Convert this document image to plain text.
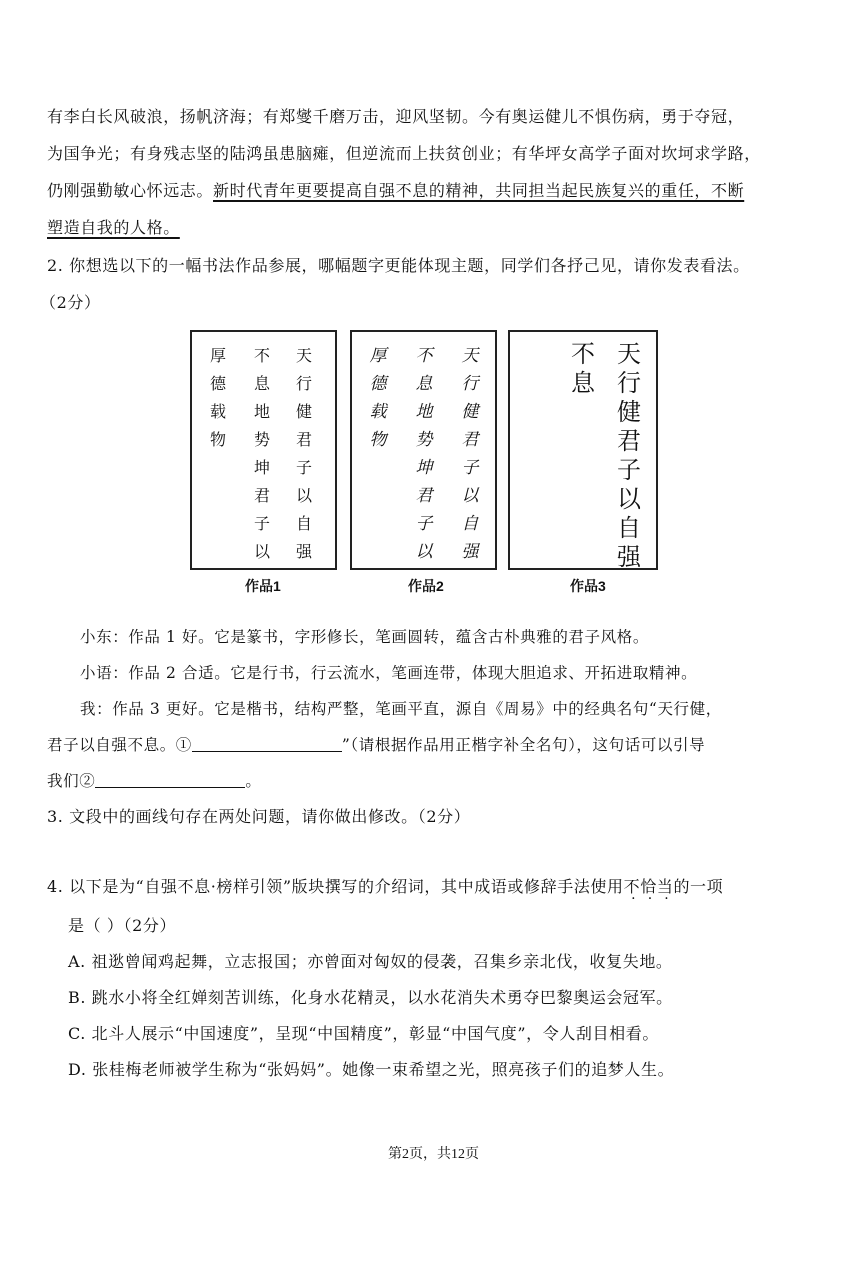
有李白长风破浪，扬帆济海；有郑燮千磨万击，迎风坚韧。今有奥运健儿不惧伤病，勇于夺冠，
为国争光；有身残志坚的陆鸿虽患脑瘫，但逆流而上扶贫创业；有华坪女高学子面对坎坷求学路，
仍刚强勤敏心怀远志。新时代青年更要提高自强不息的精神，共同担当起民族复兴的重任，不断
塑造自我的人格。
2. 你想选以下的一幅书法作品参展，哪幅题字更能体现主题，同学们各抒己见，请你发表看法。
（2分）
天行健君子以自强
不息地势坤君子以
厚德载物
作品1
天行健君子以自强
不息地势坤君子以
厚德载物
作品2
天行健君子以自强
不息
作品3
小东：作品 1 好。它是篆书，字形修长，笔画圆转，蕴含古朴典雅的君子风格。
小语：作品 2 合适。它是行书，行云流水，笔画连带，体现大胆追求、开拓进取精神。
我：作品 3 更好。它是楷书，结构严整，笔画平直，源自《周易》中的经典名句“天行健，
君子以自强不息。①	”（请根据作品用正楷字补全名句），这句话可以引导
我们②	。
3. 文段中的画线句存在两处问题，请你做出修改。（2分）
4. 以下是为“自强不息·榜样引领”版块撰写的介绍词，其中成语或修辞手法使用不恰当的一项
是（ ）（2分）
A. 祖逖曾闻鸡起舞，立志报国；亦曾面对匈奴的侵袭，召集乡亲北伐，收复失地。
B. 跳水小将全红婵刻苦训练，化身水花精灵，以水花消失术勇夺巴黎奥运会冠军。
C. 北斗人展示“中国速度”，呈现“中国精度”，彰显“中国气度”，令人刮目相看。
D. 张桂梅老师被学生称为“张妈妈”。她像一束希望之光，照亮孩子们的追梦人生。
第2页，共12页
